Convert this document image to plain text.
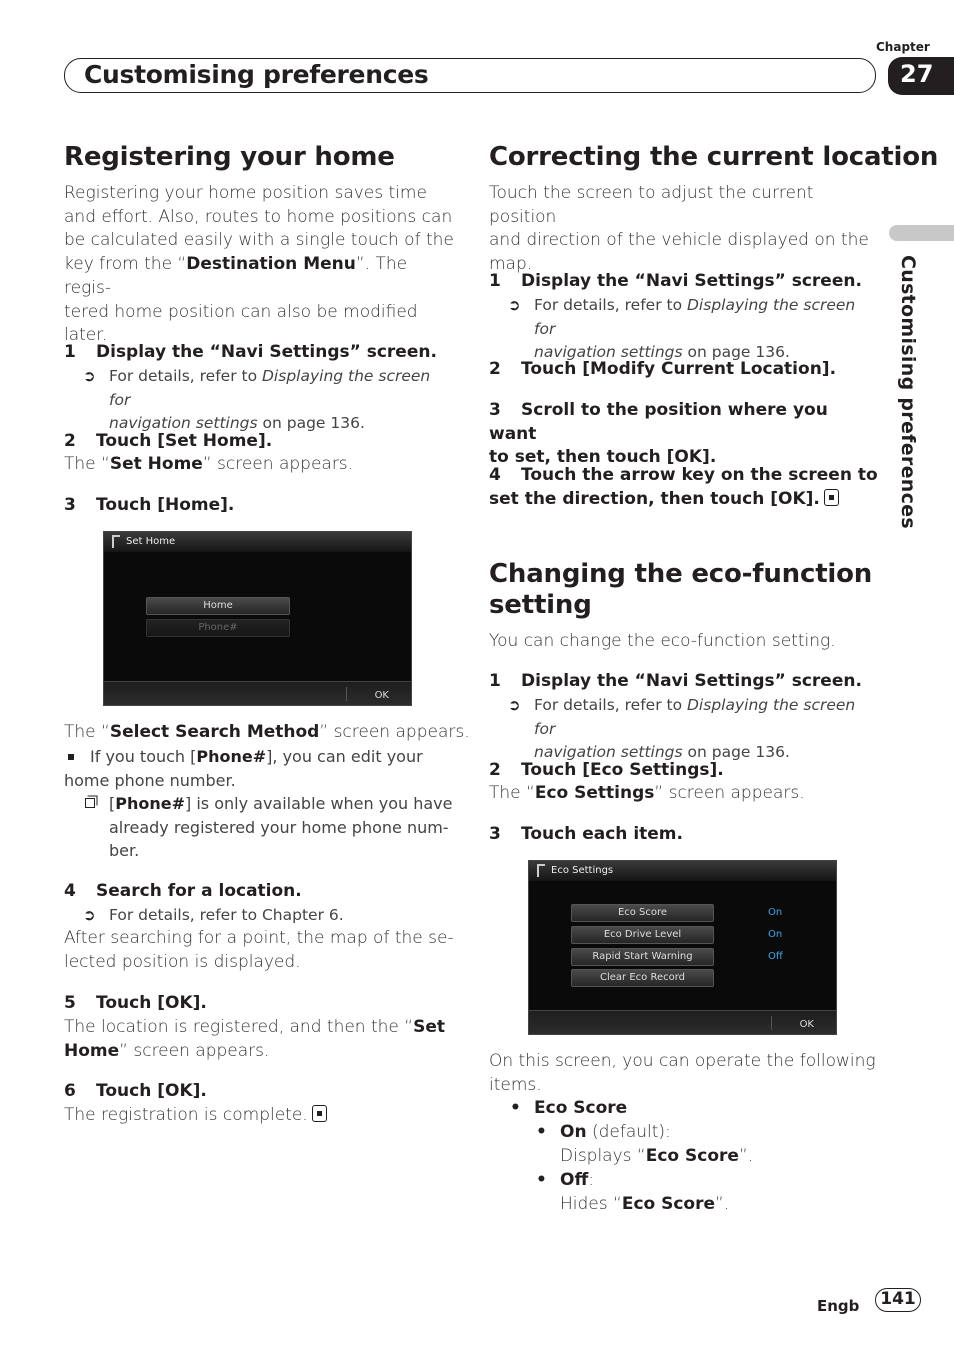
Customising preferences
Chapter
27
Customising preferences
Registering your home
Registering your home position saves time
and effort. Also, routes to home positions can
be calculated easily with a single touch of the
key from the “Destination Menu”. The regis-
tered home position can also be modified
later.
1 Display the “Navi Settings” screen.
➲ For details, refer to Displaying the screen for
navigation settings on page 136.
2 Touch [Set Home].
The “Set Home” screen appears.
3 Touch [Home].
Set Home
Home
Phone#
OK
The “Select Search Method” screen appears.
If you touch [Phone#], you can edit your
home phone number.
[Phone#] is only available when you have
already registered your home phone num-
ber.
4 Search for a location.
➲ For details, refer to Chapter 6.
After searching for a point, the map of the se-
lected position is displayed.
5 Touch [OK].
The location is registered, and then the “Set
Home” screen appears.
6 Touch [OK].
The registration is complete.
Correcting the current location
Touch the screen to adjust the current position
and direction of the vehicle displayed on the
map.
1 Display the “Navi Settings” screen.
➲ For details, refer to Displaying the screen for
navigation settings on page 136.
2 Touch [Modify Current Location].
3 Scroll to the position where you want
to set, then touch [OK].
4 Touch the arrow key on the screen to
set the direction, then touch [OK].
Changing the eco-function
setting
You can change the eco-function setting.
1 Display the “Navi Settings” screen.
➲ For details, refer to Displaying the screen for
navigation settings on page 136.
2 Touch [Eco Settings].
The “Eco Settings” screen appears.
3 Touch each item.
Eco Settings
Eco Score	On
Eco Drive Level	On
Rapid Start Warning	Off
Clear Eco Record
OK
On this screen, you can operate the following
items.
• Eco Score
• On (default):
Displays “Eco Score”.
• Off:
Hides “Eco Score”.
Engb	141
